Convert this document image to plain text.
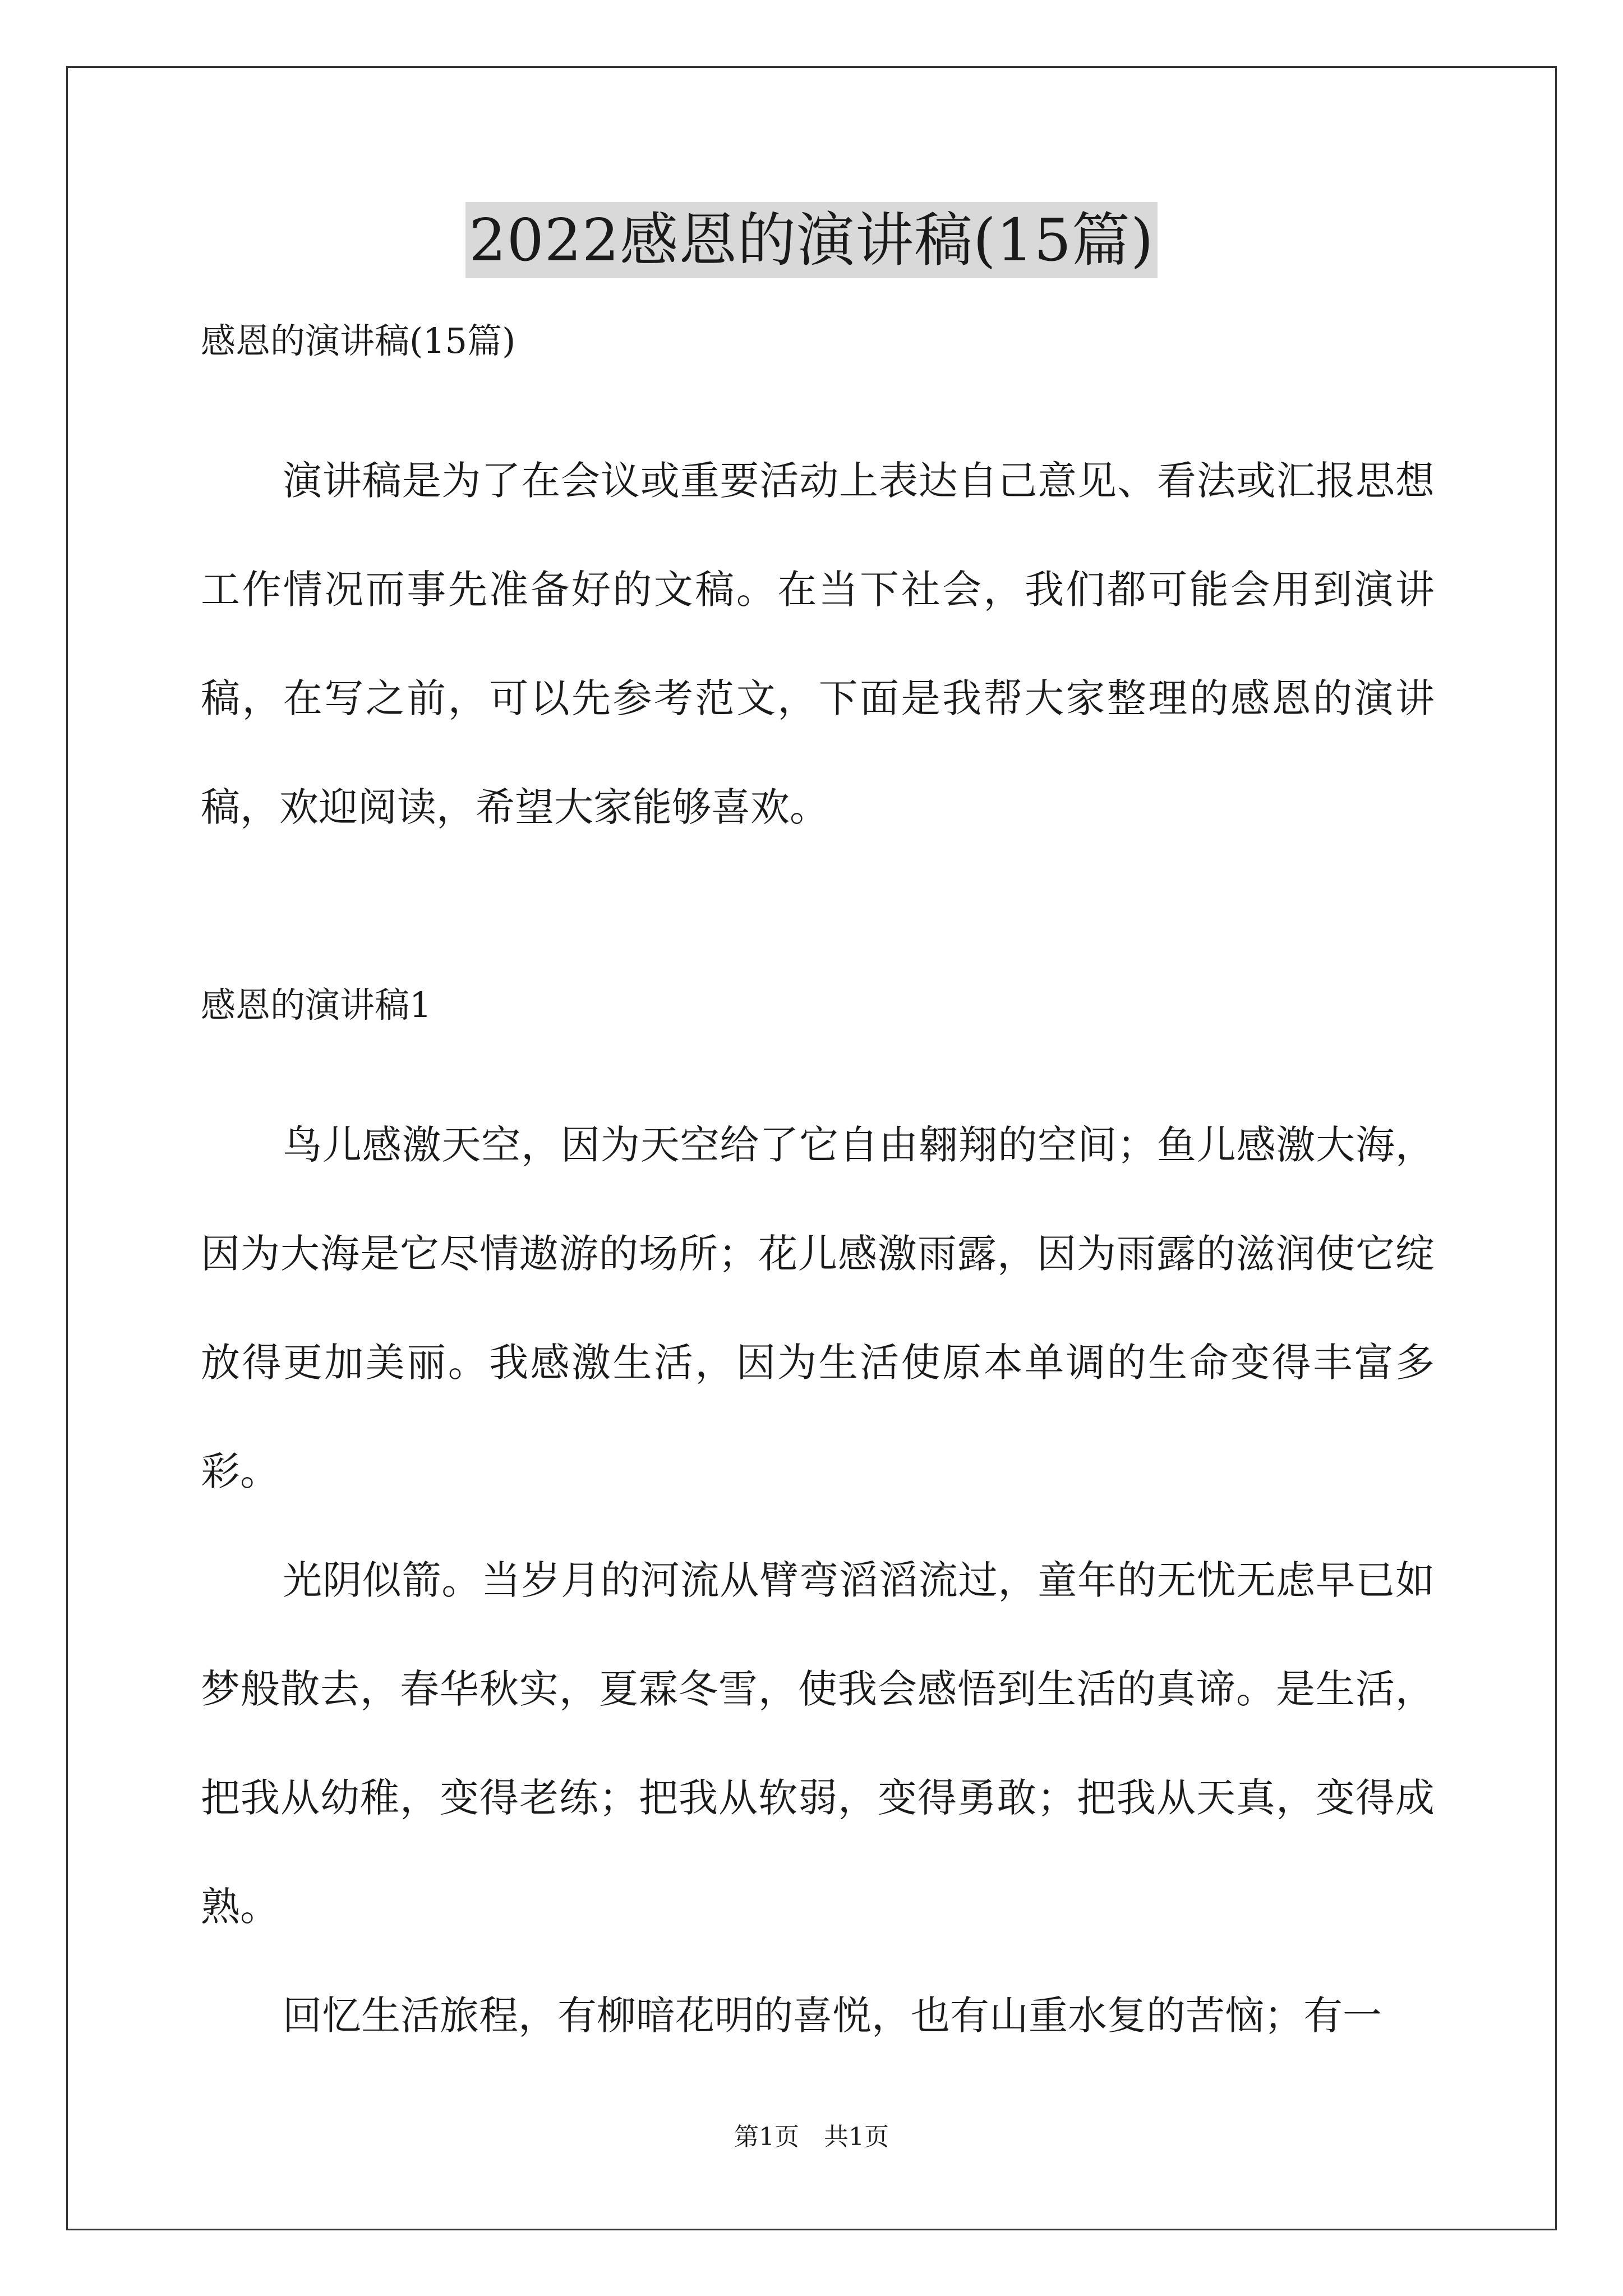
2022感恩的演讲稿(15篇)

感恩的演讲稿(15篇)

演讲稿是为了在会议或重要活动上表达自己意见、看法或汇报思想工作情况而事先准备好的文稿。在当下社会，我们都可能会用到演讲稿，在写之前，可以先参考范文，下面是我帮大家整理的感恩的演讲稿，欢迎阅读，希望大家能够喜欢。

感恩的演讲稿1

鸟儿感激天空，因为天空给了它自由翱翔的空间；鱼儿感激大海，因为大海是它尽情遨游的场所；花儿感激雨露，因为雨露的滋润使它绽放得更加美丽。我感激生活，因为生活使原本单调的生命变得丰富多彩。

光阴似箭。当岁月的河流从臂弯滔滔流过，童年的无忧无虑早已如梦般散去，春华秋实，夏霖冬雪，使我会感悟到生活的真谛。是生活，把我从幼稚，变得老练；把我从软弱，变得勇敢；把我从天真，变得成熟。

回忆生活旅程，有柳暗花明的喜悦，也有山重水复的苦恼；有一

第1页　共1页
